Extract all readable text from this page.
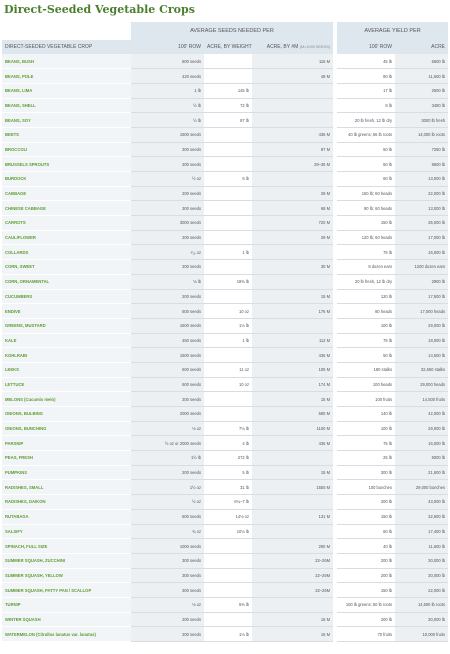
Direct-Seeded Vegetable Crops
	AVERAGE SEEDS NEEDED PER			AVERAGE YIELD PER	
DIRECT-SEEDED VEGETABLE CROP	100' ROW	ACRE, BY WEIGHT	ACRE, BY #M (M=1000 SEEDS)	100' ROW	ACRE
BEANS, BUSH	800 seeds		116 M	45 lb	6600 lb
BEANS, POLE	420 seeds		48 M	80 lb	11,600 lb
BEANS, LIMA	1 lb	145 lb		17 lb	2500 lb
BEANS, SHELL	½ lb	72 lb		8 lb	3480 lb
BEANS, SOY	½ lb	87 lb		20 lb fresh, 12 lb dry	3000 lb fresh
BEETS	1500 seeds		436 M	40 lb greens; 66 lb roots	14,000 lb roots
BROCCOLI	300 seeds		87 M	50 lb	7250 lb
BRUSSELS SPROUTS	200 seeds		29–35 M	60 lb	8600 lb
BURDOCK	½ oz	6 lb		60 lb	13,000 lb
CABBAGE	200 seeds		29 M	150 lb; 60 heads	22,000 lb
CHINESE CABBAGE	300 seeds		68 M	90 lb; 60 heads	13,000 lb
CARROTS	3000 seeds		720 M	150 lb	35,000 lb
CAULIFLOWER	200 seeds		29 M	120 lb; 60 heads	17,000 lb
COLLARDS	¹⁄₁₆ oz	1 lb		75 lb	16,000 lb
CORN, SWEET	200 seeds		30 M	8 dozen ears	1200 dozen ears
CORN, ORNAMENTAL	⅛ lb	18⅜ lb		20 lb fresh, 12 lb dry	2900 lb
CUCUMBERS	200 seeds		15 M	120 lb	17,500 lb
ENDIVE	600 seeds	10 oz	176 M	80 heads	17,000 heads
GREENS, MUSTARD	1600 seeds	1⅛ lb		100 lb	29,000 lb
KALE	450 seeds	1 lb	112 M	75 lb	18,000 lb
KOHLRABI	1500 seeds		436 M	50 lb	14,500 lb
LEEKS	600 seeds	11 oz	105 M	180 stalks	32,650 stalks
LETTUCE	600 seeds	10 oz	174 M	100 heads	29,000 heads
MELONS (Cucumis melo)	200 seeds		15 M	100 fruits	14,500 fruits
ONIONS, BULBING	2000 seeds		580 M	140 lb	42,000 lb
ONIONS, BUNCHING	⅛ oz	7⅛ lb	1100 M	100 lb	29,000 lb
PARSNIP	½ oz or 2000 seeds	4 lb	436 M	75 lb	16,000 lb
PEAS, FRESH	1½ lb	272 lb		25 lb	5000 lb
PUMPKINS	200 seeds	5 lb	15 M	300 lb	21,600 lb
RADISHES, SMALL	1½ oz	31 lb	1555 M	100 bunches	29,000 bunches
RADISHES, DAIKON	½ oz	6¼–7 lb		200 lb	43,000 lb
RUTABAGA	600 seeds	14⅛ oz	131 M	150 lb	32,600 lb
SALSIFY	¾ oz	10⅛ lb		60 lb	17,400 lb
SPINACH, FULL SIZE	1000 seeds		290 M	40 lb	11,600 lb
SUMMER SQUASH, ZUCCHINI	300 seeds		22–26M	200 lb	30,000 lb
SUMMER SQUASH, YELLOW	300 seeds		22–26M	200 lb	30,000 lb
SUMMER SQUASH, PATTY PAN / SCALLOP	300 seeds		22–26M	150 lb	22,000 lb
TURNIP	⅛ oz	5⅜ lb		100 lb greens; 50 lb roots	14,500 lb roots
WINTER SQUASH	200 seeds		15 M	200 lb	30,000 lb
WATERMELON (Citrullus lanatus var. lanatus)	200 seeds	1⅛ lb	15 M	70 fruits	10,000 fruits
